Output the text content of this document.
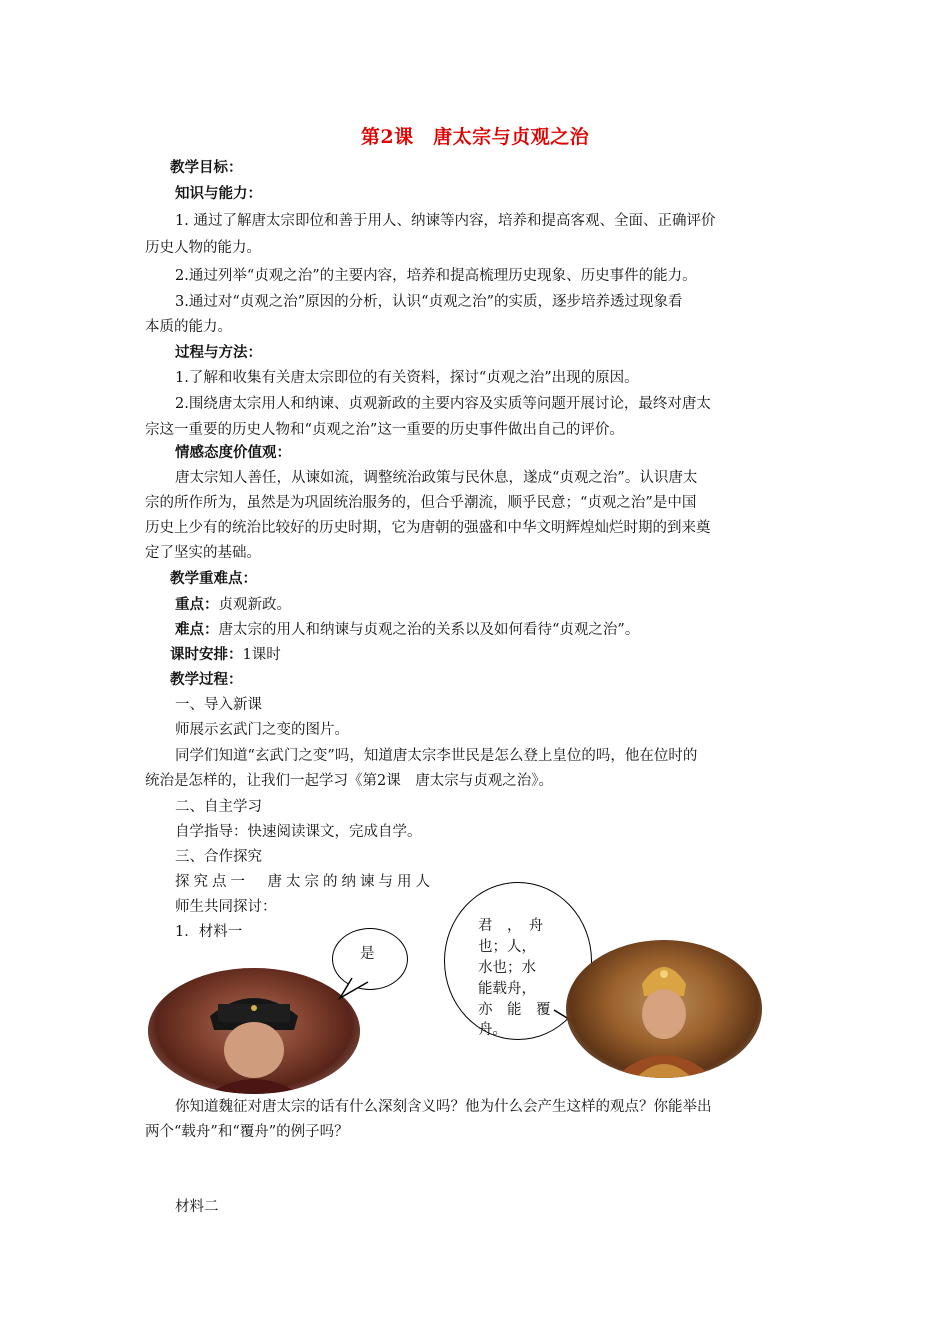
第2课　唐太宗与贞观之治
教学目标：
知识与能力：
1. 通过了解唐太宗即位和善于用人、纳谏等内容，培养和提高客观、全面、正确评价
历史人物的能力。
2.通过列举“贞观之治”的主要内容，培养和提高梳理历史现象、历史事件的能力。
3.通过对“贞观之治”原因的分析，认识“贞观之治”的实质，逐步培养透过现象看
本质的能力。
过程与方法：
1.了解和收集有关唐太宗即位的有关资料，探讨“贞观之治”出现的原因。
2.围绕唐太宗用人和纳谏、贞观新政的主要内容及实质等问题开展讨论，最终对唐太
宗这一重要的历史人物和“贞观之治”这一重要的历史事件做出自己的评价。
情感态度价值观：
唐太宗知人善任，从谏如流，调整统治政策与民休息，遂成“贞观之治”。认识唐太
宗的所作所为，虽然是为巩固统治服务的，但合乎潮流，顺乎民意；“贞观之治”是中国
历史上少有的统治比较好的历史时期，它为唐朝的强盛和中华文明辉煌灿烂时期的到来奠
定了坚实的基础。
教学重难点：
重点：贞观新政。
难点：唐太宗的用人和纳谏与贞观之治的关系以及如何看待“贞观之治”。
课时安排：1课时
教学过程：
一、导入新课
师展示玄武门之变的图片。
同学们知道“玄武门之变”吗，知道唐太宗李世民是怎么登上皇位的吗，他在位时的
统治是怎样的，让我们一起学习《第2课　唐太宗与贞观之治》。
二、自主学习
自学指导：快速阅读课文，完成自学。
三、合作探究
探究点一　唐太宗的纳谏与用人
师生共同探讨：
1．材料一
是
君　，　舟
也；人，
水也；水
能载舟，
亦　能　覆
舟。
你知道魏征对唐太宗的话有什么深刻含义吗？他为什么会产生这样的观点？你能举出
两个“载舟”和“覆舟”的例子吗？
材料二
